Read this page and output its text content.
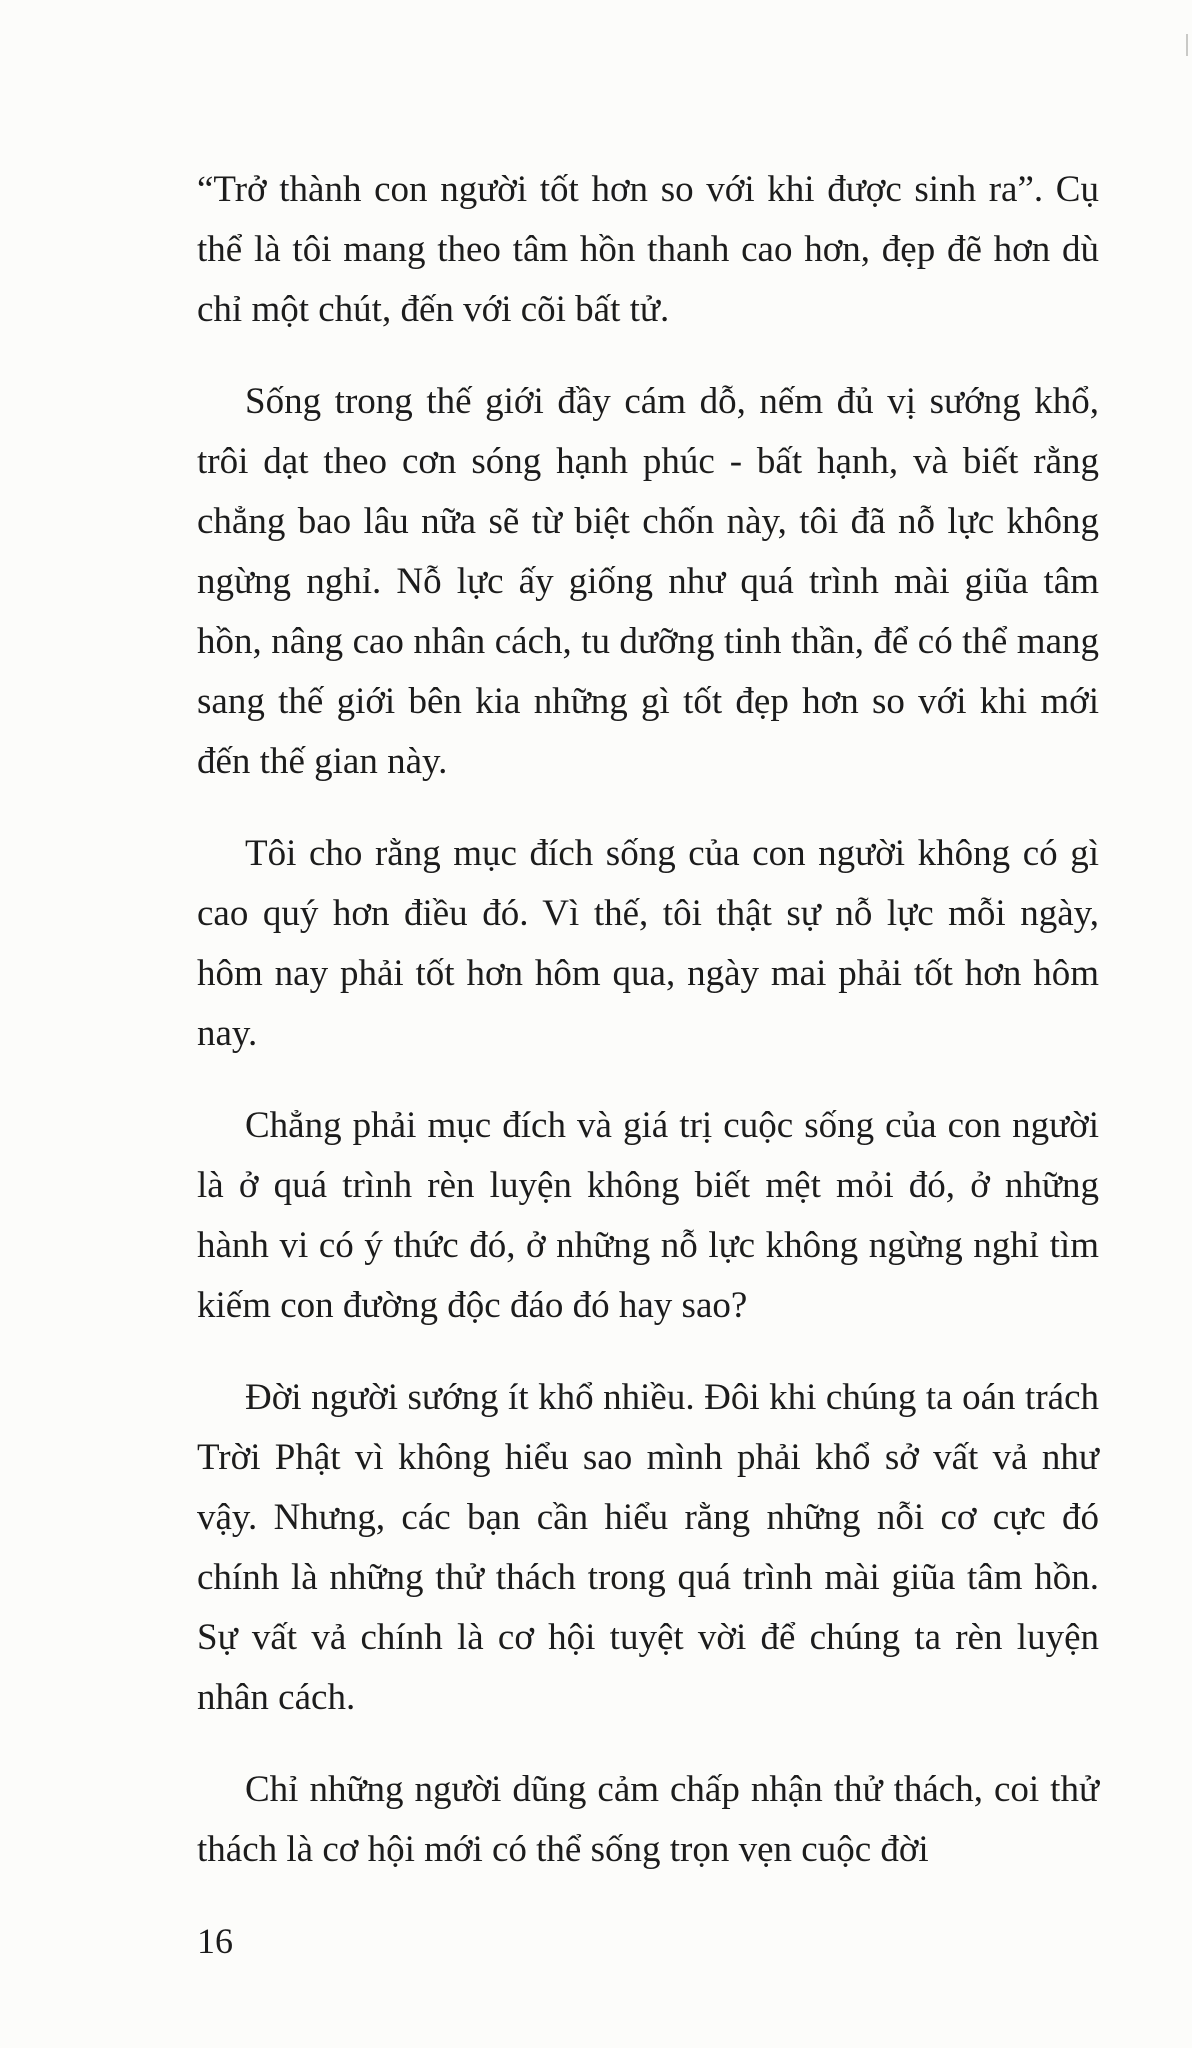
“Trở thành con người tốt hơn so với khi được sinh ra”. Cụ thể là tôi mang theo tâm hồn thanh cao hơn, đẹp đẽ hơn dù chỉ một chút, đến với cõi bất tử.

Sống trong thế giới đầy cám dỗ, nếm đủ vị sướng khổ, trôi dạt theo cơn sóng hạnh phúc - bất hạnh, và biết rằng chẳng bao lâu nữa sẽ từ biệt chốn này, tôi đã nỗ lực không ngừng nghỉ. Nỗ lực ấy giống như quá trình mài giũa tâm hồn, nâng cao nhân cách, tu dưỡng tinh thần, để có thể mang sang thế giới bên kia những gì tốt đẹp hơn so với khi mới đến thế gian này.

Tôi cho rằng mục đích sống của con người không có gì cao quý hơn điều đó. Vì thế, tôi thật sự nỗ lực mỗi ngày, hôm nay phải tốt hơn hôm qua, ngày mai phải tốt hơn hôm nay.

Chẳng phải mục đích và giá trị cuộc sống của con người là ở quá trình rèn luyện không biết mệt mỏi đó, ở những hành vi có ý thức đó, ở những nỗ lực không ngừng nghỉ tìm kiếm con đường độc đáo đó hay sao?

Đời người sướng ít khổ nhiều. Đôi khi chúng ta oán trách Trời Phật vì không hiểu sao mình phải khổ sở vất vả như vậy. Nhưng, các bạn cần hiểu rằng những nỗi cơ cực đó chính là những thử thách trong quá trình mài giũa tâm hồn. Sự vất vả chính là cơ hội tuyệt vời để chúng ta rèn luyện nhân cách.

Chỉ những người dũng cảm chấp nhận thử thách, coi thử thách là cơ hội mới có thể sống trọn vẹn cuộc đời

16
